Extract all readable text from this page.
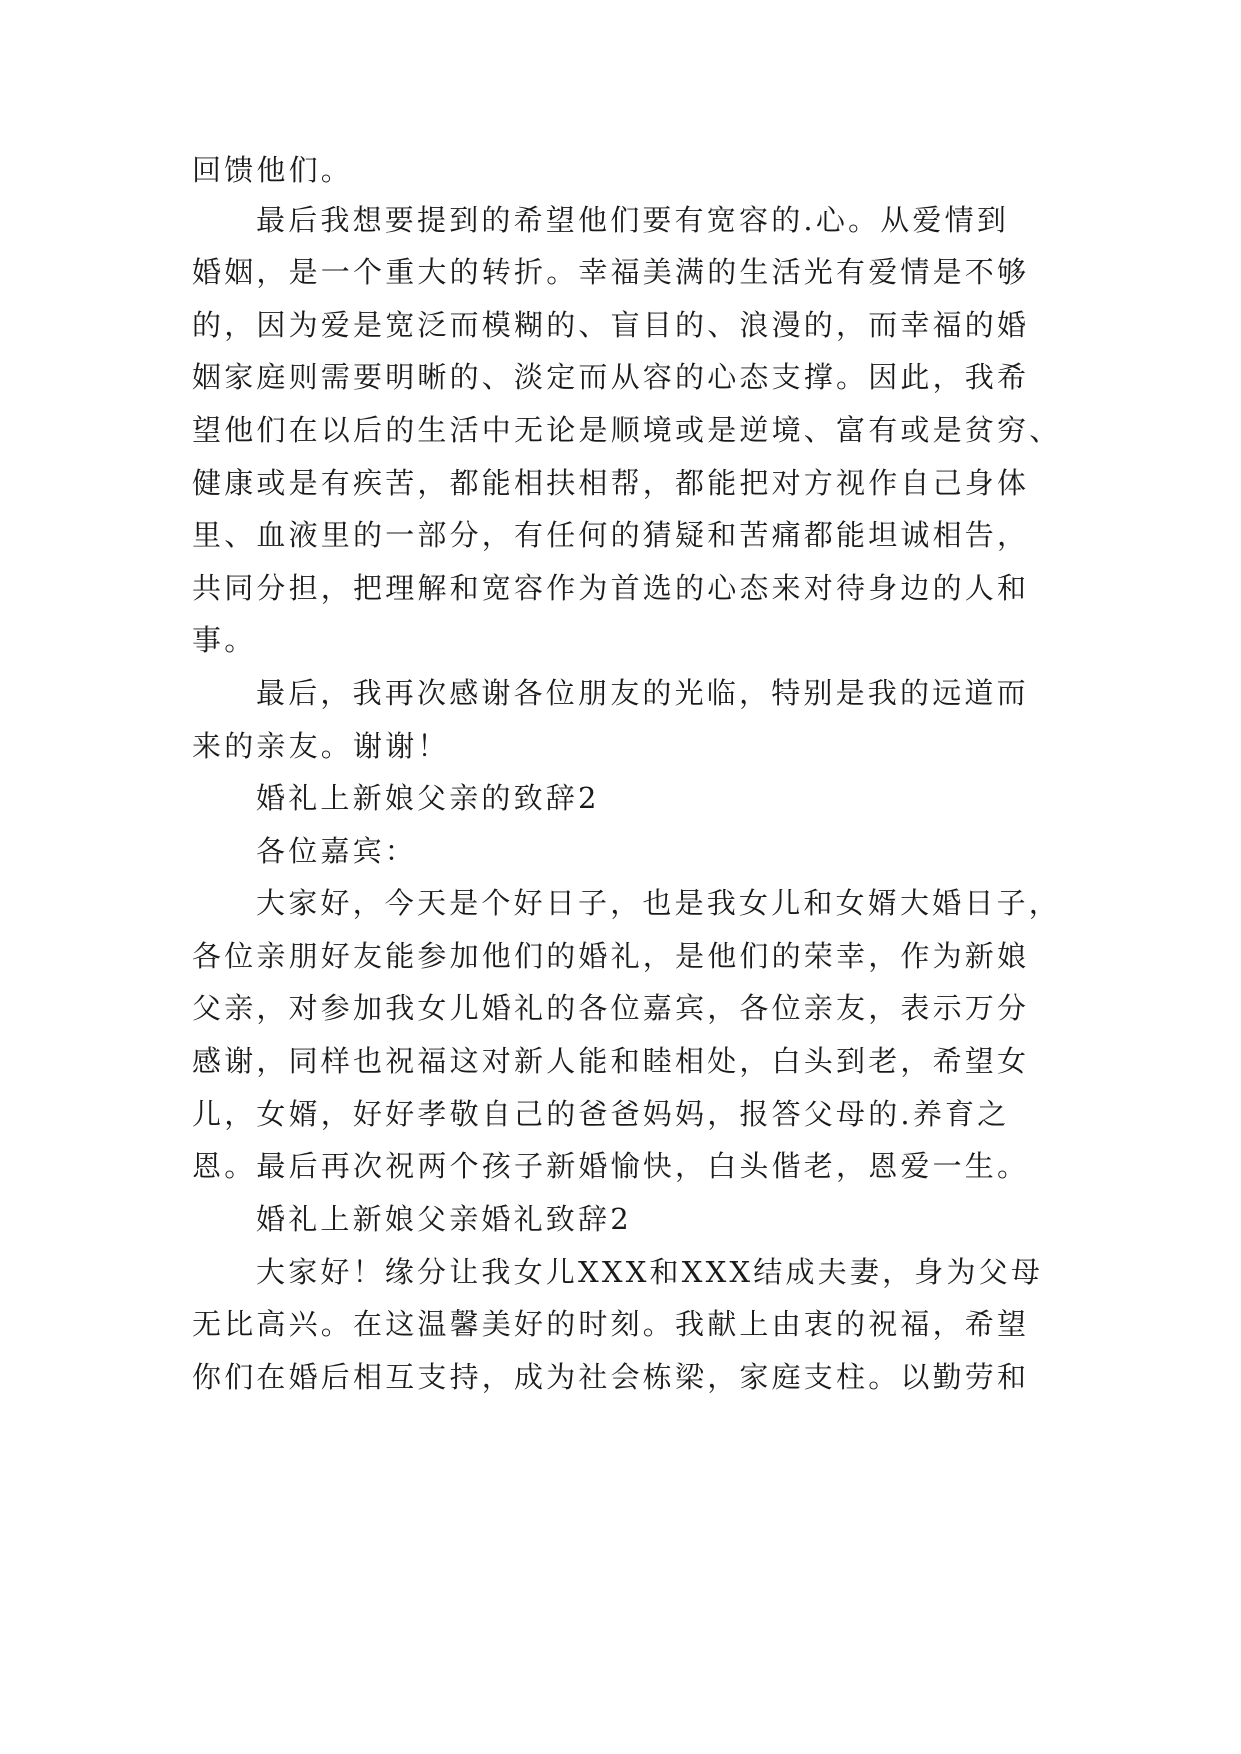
回馈他们。
最后我想要提到的希望他们要有宽容的.心。从爱情到
婚姻，是一个重大的转折。幸福美满的生活光有爱情是不够
的，因为爱是宽泛而模糊的、盲目的、浪漫的，而幸福的婚
姻家庭则需要明晰的、淡定而从容的心态支撑。因此，我希
望他们在以后的生活中无论是顺境或是逆境、富有或是贫穷、
健康或是有疾苦，都能相扶相帮，都能把对方视作自己身体
里、血液里的一部分，有任何的猜疑和苦痛都能坦诚相告，
共同分担，把理解和宽容作为首选的心态来对待身边的人和
事。
最后，我再次感谢各位朋友的光临，特别是我的远道而
来的亲友。谢谢！
婚礼上新娘父亲的致辞2
各位嘉宾：
大家好，今天是个好日子，也是我女儿和女婿大婚日子，
各位亲朋好友能参加他们的婚礼，是他们的荣幸，作为新娘
父亲，对参加我女儿婚礼的各位嘉宾，各位亲友，表示万分
感谢，同样也祝福这对新人能和睦相处，白头到老，希望女
儿，女婿，好好孝敬自己的爸爸妈妈，报答父母的.养育之
恩。最后再次祝两个孩子新婚愉快，白头偕老，恩爱一生。
婚礼上新娘父亲婚礼致辞2
大家好！缘分让我女儿XXX和XXX结成夫妻，身为父母
无比高兴。在这温馨美好的时刻。我献上由衷的祝福，希望
你们在婚后相互支持，成为社会栋梁，家庭支柱。以勤劳和
